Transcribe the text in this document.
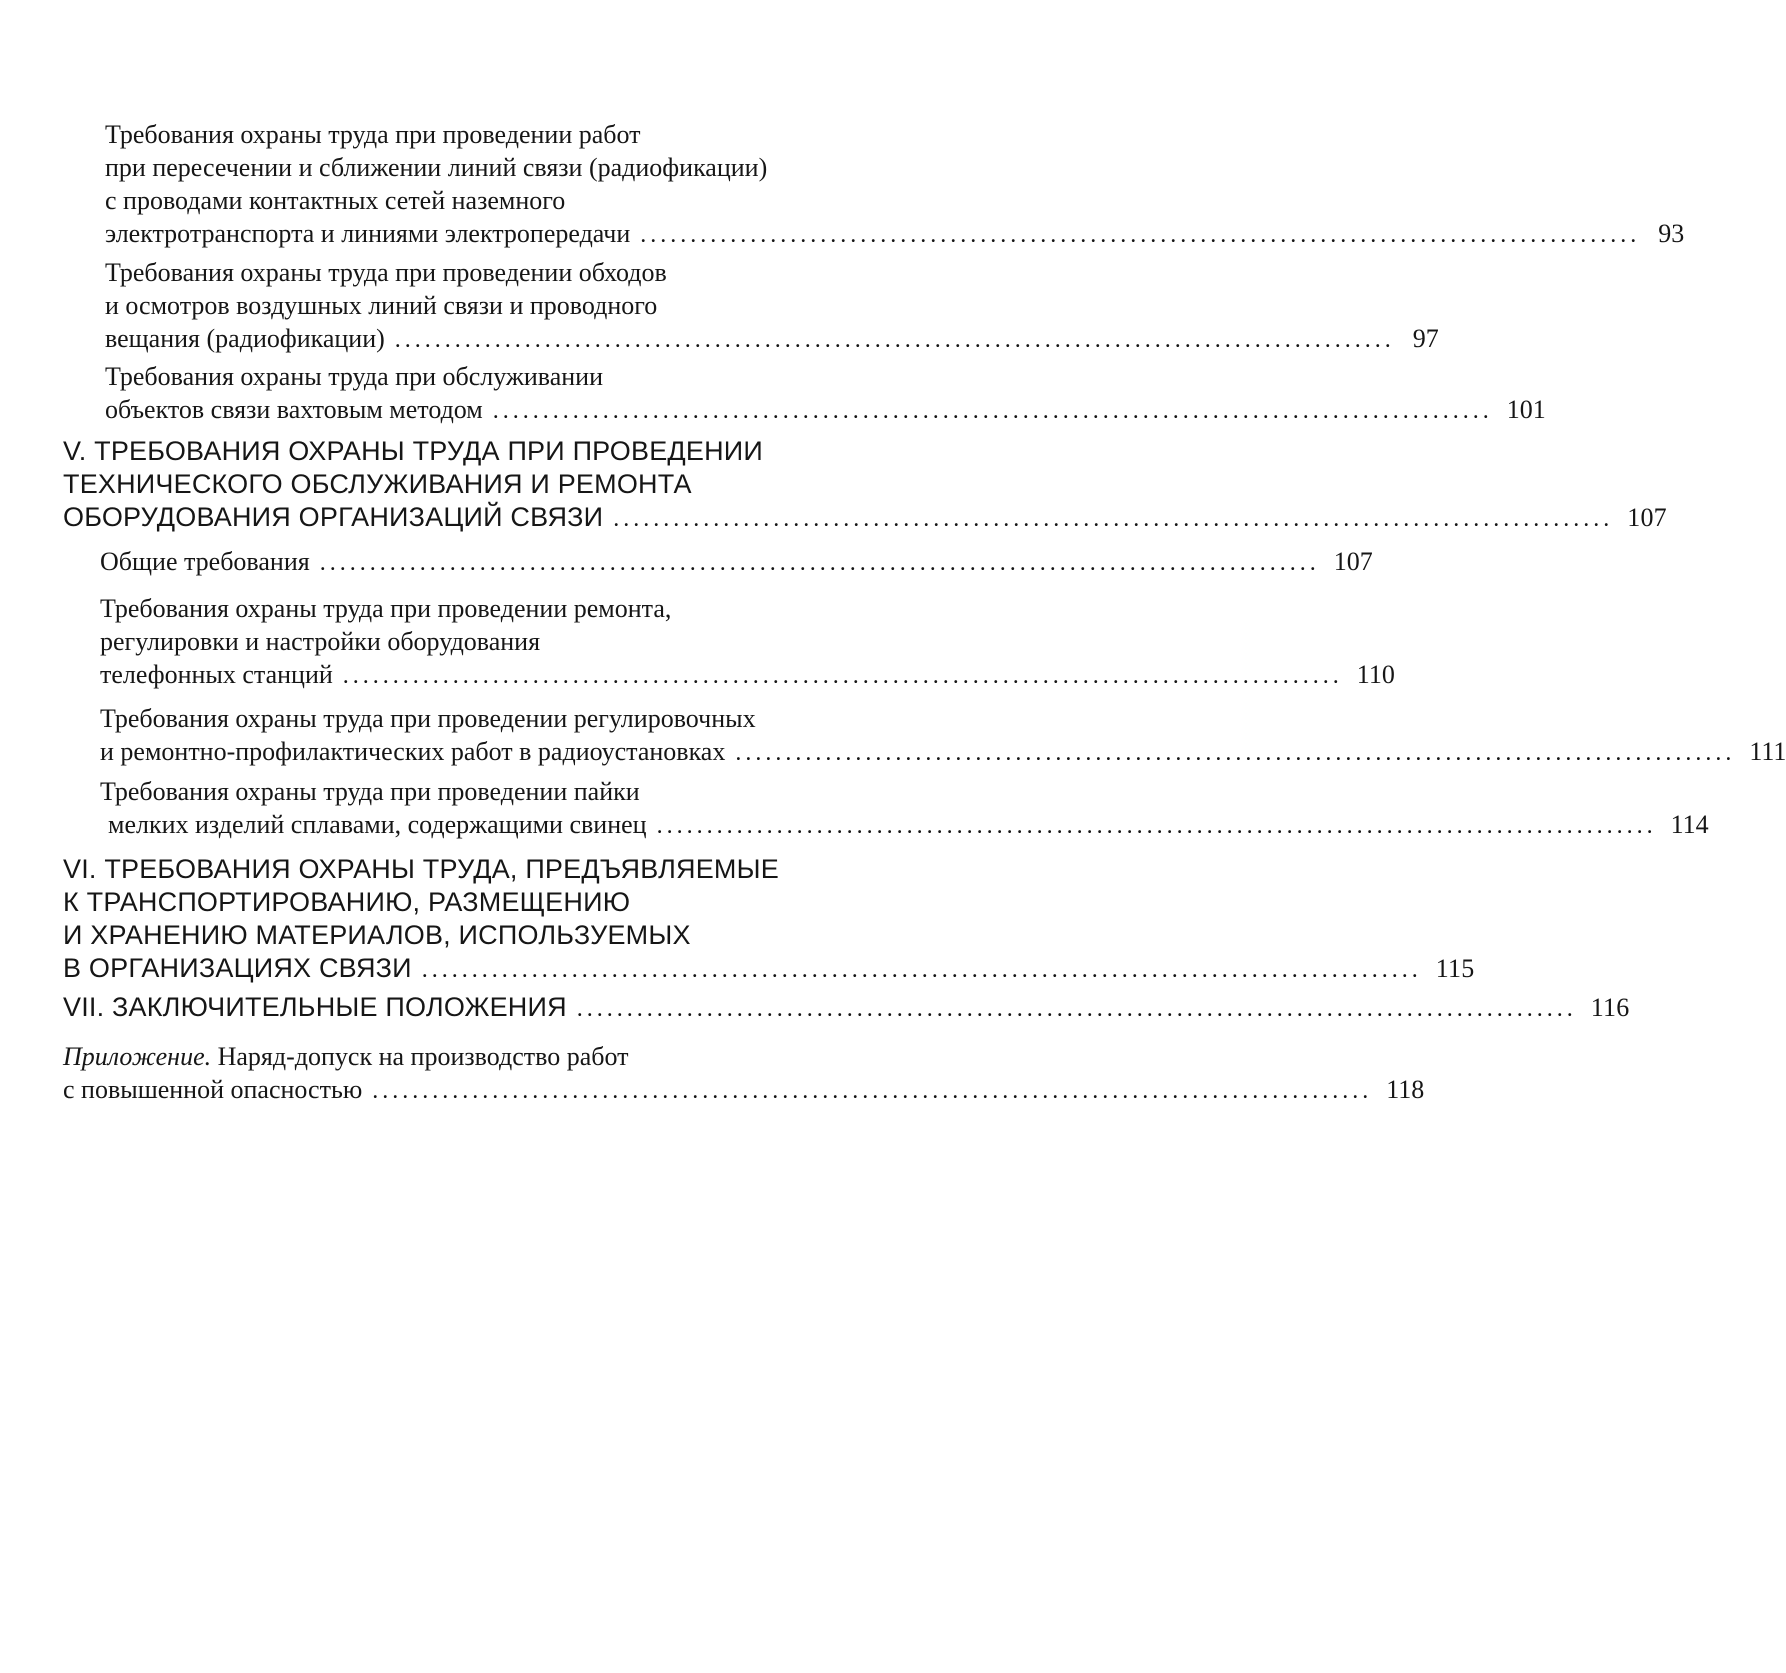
Требования охраны труда при проведении работ
при пересечении и сближении линий связи (радиофикации)
с проводами контактных сетей наземного
электротранспорта и линиями электропередачи .................................................................................................... 93
Требования охраны труда при проведении обходов
и осмотров воздушных линий связи и проводного
вещания (радиофикации) .................................................................................................... 97
Требования охраны труда при обслуживании
объектов связи вахтовым методом .................................................................................................... 101
V. ТРЕБОВАНИЯ ОХРАНЫ ТРУДА ПРИ ПРОВЕДЕНИИ
ТЕХНИЧЕСКОГО ОБСЛУЖИВАНИЯ И РЕМОНТА
ОБОРУДОВАНИЯ ОРГАНИЗАЦИЙ СВЯЗИ .................................................................................................... 107
Общие требования .................................................................................................... 107
Требования охраны труда при проведении ремонта,
регулировки и настройки оборудования
телефонных станций .................................................................................................... 110
Требования охраны труда при проведении регулировочных
и ремонтно-профилактических работ в радиоустановках .................................................................................................... 111
Требования охраны труда при проведении пайки
мелких изделий сплавами, содержащими свинец .................................................................................................... 114
VI. ТРЕБОВАНИЯ ОХРАНЫ ТРУДА, ПРЕДЪЯВЛЯЕМЫЕ
К ТРАНСПОРТИРОВАНИЮ, РАЗМЕЩЕНИЮ
И ХРАНЕНИЮ МАТЕРИАЛОВ, ИСПОЛЬЗУЕМЫХ
В ОРГАНИЗАЦИЯХ СВЯЗИ .................................................................................................... 115
VII. ЗАКЛЮЧИТЕЛЬНЫЕ ПОЛОЖЕНИЯ .................................................................................................... 116
Приложение. Наряд-допуск на производство работ
с повышенной опасностью .................................................................................................... 118
